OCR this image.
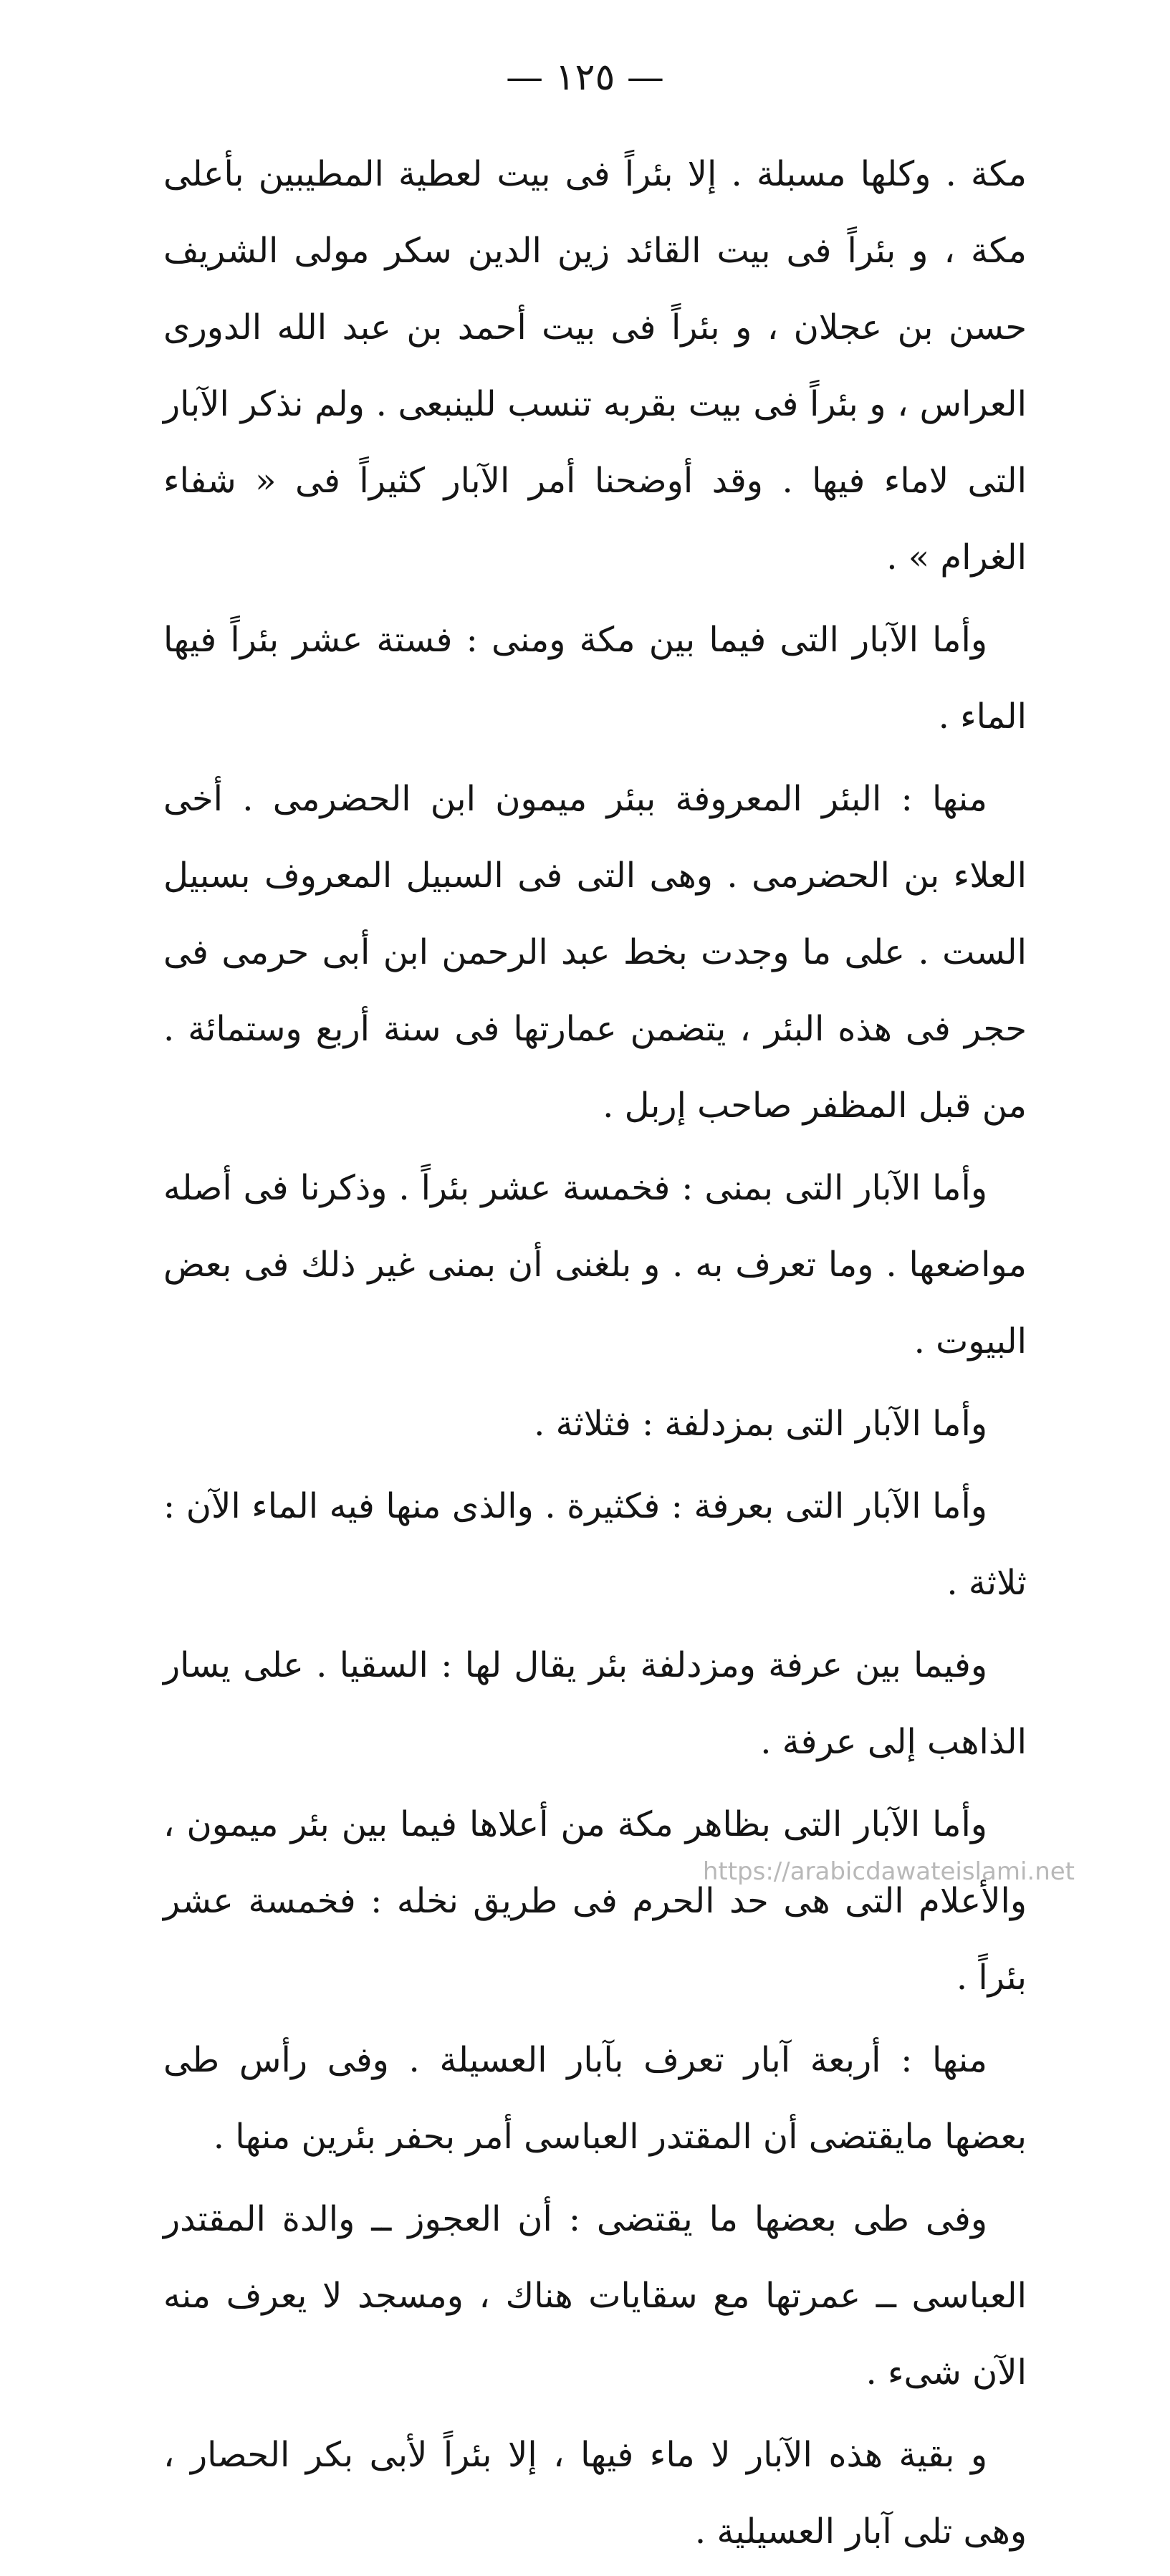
— ١٢٥ —

مكة . وكلها مسبلة . إلا بئراً فى بيت لعطية المطيبين بأعلى مكة ، و بئراً فى بيت القائد زين الدين سكر مولى الشريف حسن بن عجلان ، و بئراً فى بيت أحمد بن عبد الله الدورى العراس ، و بئراً فى بيت بقربه تنسب للينبعى . ولم نذكر الآبار التى لاماء فيها . وقد أوضحنا أمر الآبار كثيراً فى « شفاء الغرام » .

وأما الآبار التى فيما بين مكة ومنى : فستة عشر بئراً فيها الماء .

منها : البئر المعروفة ببئر ميمون ابن الحضرمى . أخى العلاء بن الحضرمى . وهى التى فى السبيل المعروف بسبيل الست . على ما وجدت بخط عبد الرحمن ابن أبى حرمى فى حجر فى هذه البئر ، يتضمن عمارتها فى سنة أربع وستمائة . من قبل المظفر صاحب إربل .

وأما الآبار التى بمنى : فخمسة عشر بئراً . وذكرنا فى أصله مواضعها . وما تعرف به . و بلغنى أن بمنى غير ذلك فى بعض البيوت .

وأما الآبار التى بمزدلفة : فثلاثة .

وأما الآبار التى بعرفة : فكثيرة . والذى منها فيه الماء الآن : ثلاثة .

وفيما بين عرفة ومزدلفة بئر يقال لها : السقيا . على يسار الذاهب إلى عرفة .

وأما الآبار التى بظاهر مكة من أعلاها فيما بين بئر ميمون ، والأعلام التى هى حد الحرم فى طريق نخله : فخمسة عشر بئراً .

منها : أربعة آبار تعرف بآبار العسيلة . وفى رأس طى بعضها مايقتضى أن المقتدر العباسى أمر بحفر بئرين منها .

وفى طى بعضها ما يقتضى : أن العجوز ــ والدة المقتدر العباسى ــ عمرتها مع سقايات هناك ، ومسجد لا يعرف منه الآن شىء .

و بقية هذه الآبار لا ماء فيها ، إلا بئراً لأبى بكر الحصار ، وهى تلى آبار العسيلية .

https://arabicdawateislami.net
